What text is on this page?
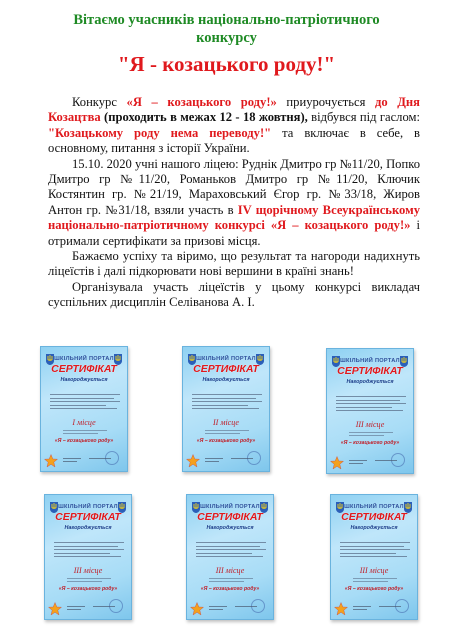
Вітаємо учасників національно-патріотичного
конкурсу
"Я - козацького роду!"

Конкурс «Я – козацького роду!» приурочується до Дня Козацтва (проходить в межах 12 - 18 жовтня), відбувся під гаслом: "Козацькому роду нема переводу!" та включає в себе, в основному, питання з історії України.

15.10. 2020 учні нашого ліцею: Руднік Дмитро гр №11/20, Попко Дмитро гр №11/20, Романьков Дмитро гр №11/20, Ключик Костянтин гр. №21/19, Мараховський Єгор гр. №33/18, Жиров Антон гр. №31/18, взяли участь в IV щорічному Всеукраїнському національно-патріотичному конкурсі «Я – козацького роду!» і отримали сертифікати за призові місця.

Бажаємо успіху та віримо, що результат та нагороди надихнуть ліцеїстів і далі підкорювати нові вершини в країні знань!

Організувала участь ліцеїстів у цьому конкурсі викладач суспільних дисциплін Селіванова А. І.

ШКІЛЬНИЙ ПОРТАЛ
СЕРТИФІКАТ
Нагороджується
I місце
«Я – козацького роду»
ШКІЛЬНИЙ ПОРТАЛ
СЕРТИФІКАТ
Нагороджується
II місце
«Я – козацького роду»
ШКІЛЬНИЙ ПОРТАЛ
СЕРТИФІКАТ
Нагороджується
III місце
«Я – козацького роду»
ШКІЛЬНИЙ ПОРТАЛ
СЕРТИФІКАТ
Нагороджується
III місце
«Я – козацького роду»
ШКІЛЬНИЙ ПОРТАЛ
СЕРТИФІКАТ
Нагороджується
III місце
«Я – козацького роду»
ШКІЛЬНИЙ ПОРТАЛ
СЕРТИФІКАТ
Нагороджується
III місце
«Я – козацького роду»
